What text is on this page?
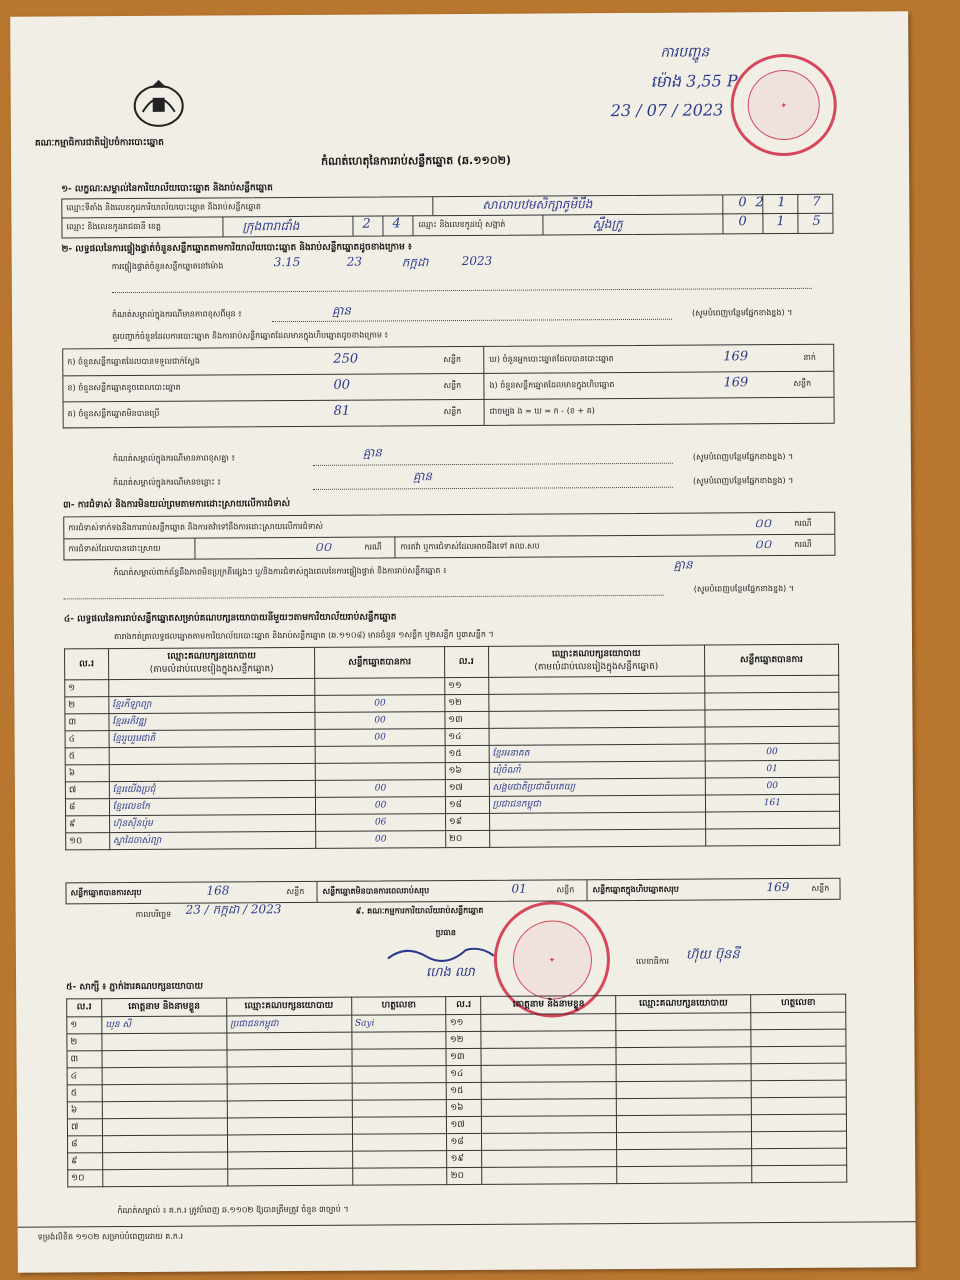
គណៈកម្មាធិការជាតិរៀបចំការបោះឆ្នោត
កំណត់ហេតុនៃការរាប់សន្លឹកឆ្នោត (ឆ.១១០២)
ការបញ្ជូន
ម៉ោង 3,55 P
23 / 07 / 2023	✦
១- លក្ខណៈសម្គាល់នៃការិយាល័យបោះឆ្នោត និងរាប់សន្លឹកឆ្នោត
ឈ្មោះទីតាំង និងលេខកូដការិយាល័យបោះឆ្នោត និងរាប់សន្លឹកឆ្នោត	សាលាបឋមសិក្សាភូមិបឹង	0 2 1 7
ឈ្មោះ និងលេខកូដរាជធានី ខេត្ត	ក្រុងពារាជាំង	2 4 ឈ្មោះ និងលេខកូដឃុំ សង្កាត់	ស្ទឹងក្រូ	0 1 5
២- លទ្ធផលនៃការផ្ទៀងផ្ទាត់ចំនួនសន្លឹកឆ្នោតតាមការិយាល័យបោះឆ្នោត និងរាប់សន្លឹកឆ្នោតដូចខាងក្រោម ៖
ការផ្ទៀងផ្ទាត់ចំនួនសន្លឹកឆ្នោតនៅម៉ោង	3.15	23	កក្កដា	2023
កំណត់សម្គាល់ក្នុងករណីមានភាពខុសពីមុន ៖	គ្មាន	(សូមបំពេញបន្ថែមផ្នែកខាងខ្នង) ។
គួរបញ្ចាក់ចំនួនដែលការបោះឆ្នោត និងការរាប់សន្លឹកឆ្នោតដែលមានក្នុងហិបឆ្នោតដូចខាងក្រោម ៖
ក) ចំនួនសន្លឹកឆ្នោតដែលបានទទួលជាក់ស្តែង	250	សន្លឹក
ខ) ចំនួនសន្លឹកឆ្នោតខូចពេលបោះឆ្នោត	00	សន្លឹក
គ) ចំនួនសន្លឹកឆ្នោតមិនបានប្រើ	81	សន្លឹក
ឃ) ចំនួនអ្នកបោះឆ្នោតដែលបានបោះឆ្នោត	169	នាក់
ង) ចំនួនសន្លឹកឆ្នោតដែលមានក្នុងហិបឆ្នោត	169	សន្លឹក
ជាចម្បង ង = ឃ = ក - (ខ + គ)
កំណត់សម្គាល់ក្នុងករណីមានភាពខុសគ្នា ៖	គ្មាន	(សូមបំពេញបន្ថែមផ្នែកខាងខ្នង) ។
កំណត់សម្គាល់ក្នុងករណីមានចន្លោះ ៖	គ្មាន	(សូមបំពេញបន្ថែមផ្នែកខាងខ្នង) ។
៣- ការជំទាស់ និងការមិនយល់ព្រមតាមការដោះស្រាយលើការជំទាស់
ការជំទាស់ទាក់ទងនឹងការរាប់សន្លឹកឆ្នោត និងការតវ៉ាទៅនឹងការដោះស្រាយលើការជំទាស់	០០	ករណី
ការជំទាស់ដែលបានដោះស្រាយ	០០	ករណី ការតវ៉ា ឬការជំទាស់ដែលអាចដឹងទៅ គឈ.សប	០០	ករណី
កំណត់សម្គាល់ពាក់ព័ន្ធនឹងភាពមិនប្រក្រតីផ្សេងៗ ឬ/និងការជំទាស់ក្នុងពេលនៃការផ្ទៀងផ្ទាត់ និងការរាប់សន្លឹកឆ្នោត ៖	គ្មាន
(សូមបំពេញបន្ថែមផ្នែកខាងខ្នង) ។
៤- លទ្ធផលនៃការរាប់សន្លឹកឆ្នោតសម្រាប់គណបក្សនយោបាយនីមួយៗតាមការិយាល័យរាប់សន្លឹកឆ្នោត
តារាងកត់ត្រាលទ្ធផលឆ្នោតតាមការិយាល័យបោះឆ្នោត និងរាប់សន្លឹកឆ្នោត (ឆ.១១០៨) មានចំនួន ១សន្លឹក ឬ២សន្លឹក ឬ៣សន្លឹក ។
ល.រ	ឈ្មោះគណបក្សនយោបាយ
(តាមលំដាប់លេខរៀងក្នុងសន្លឹកឆ្នោត)	សន្លឹកឆ្នោតបានការ	ល.រ	ឈ្មោះគណបក្សនយោបាយ
(តាមលំដាប់លេខរៀងក្នុងសន្លឹកឆ្នោត)	សន្លឹកឆ្នោតបានការ
១			១១		
២	ខ្មែរកីឡាព្យា	00	១២		
៣	ខ្មែរអភិវឌ្ឍ	00	១៣		
៤	ខ្មែររួបរួមជាតិ	00	១៤		
៥			១៥	ខ្មែរអនាគត	00
៦			១៦	ឃុំចំណាំ	01
៧	ខ្មែរយើងប្រជុំ	00	១៧	សង្គមជាតិប្រជាធិបតេយ្យ	00
៨	ខ្មែរលេខកែ	00	១៨	ប្រជាជនកម្ពុជា	161
៩	ហ៊ុនស៊ីនប៉ុម	06	១៩		
១០	ស្នាដៃចាស់ព្យា	00	២០		
សន្លឹកឆ្នោតបានការសរុប	168	សន្លឹក សន្លឹកឆ្នោតមិនបានការពេលរាប់សរុប	01	សន្លឹក សន្លឹកឆ្នោតក្នុងហិបឆ្នោតសរុប	169	សន្លឹក
កាលបរិច្ឆេទ 23 / កក្កដា / 2023	៩. គណៈកម្មការការិយាល័យរាប់សន្លឹកឆ្នោត
ប្រធាន
ហេង ឈា
✦	លេខាធិការ ហ៊ុយ ប៊ុននី
៥- សាក្សី ៖ ភ្នាក់ងារគណបក្សនយោបាយ
ល.រ	គោត្តនាម និងនាមខ្លួន	ឈ្មោះគណបក្សនយោបាយ	ហត្ថលេខា	ល.រ	គោត្តនាម និងនាមខ្លួន	ឈ្មោះគណបក្សនយោបាយ	ហត្ថលេខា
១	ឃុន សី	ប្រជាជនកម្ពុជា	Sayi	១១			
២				១២			
៣				១៣			
៤				១៤			
៥				១៥			
៦				១៦			
៧				១៧			
៨				១៨			
៩				១៩			
១០				២០			
កំណត់សម្គាល់ ៖ គ.ក.រ ត្រូវបំពេញ ឆ.១១០២ ឱ្យបានត្រឹមត្រូវ ចំនួន ៣ច្បាប់ ។
ទម្រង់លិខិត ១១០២ សម្រាប់បំពេញដោយ គ.ក.រ
